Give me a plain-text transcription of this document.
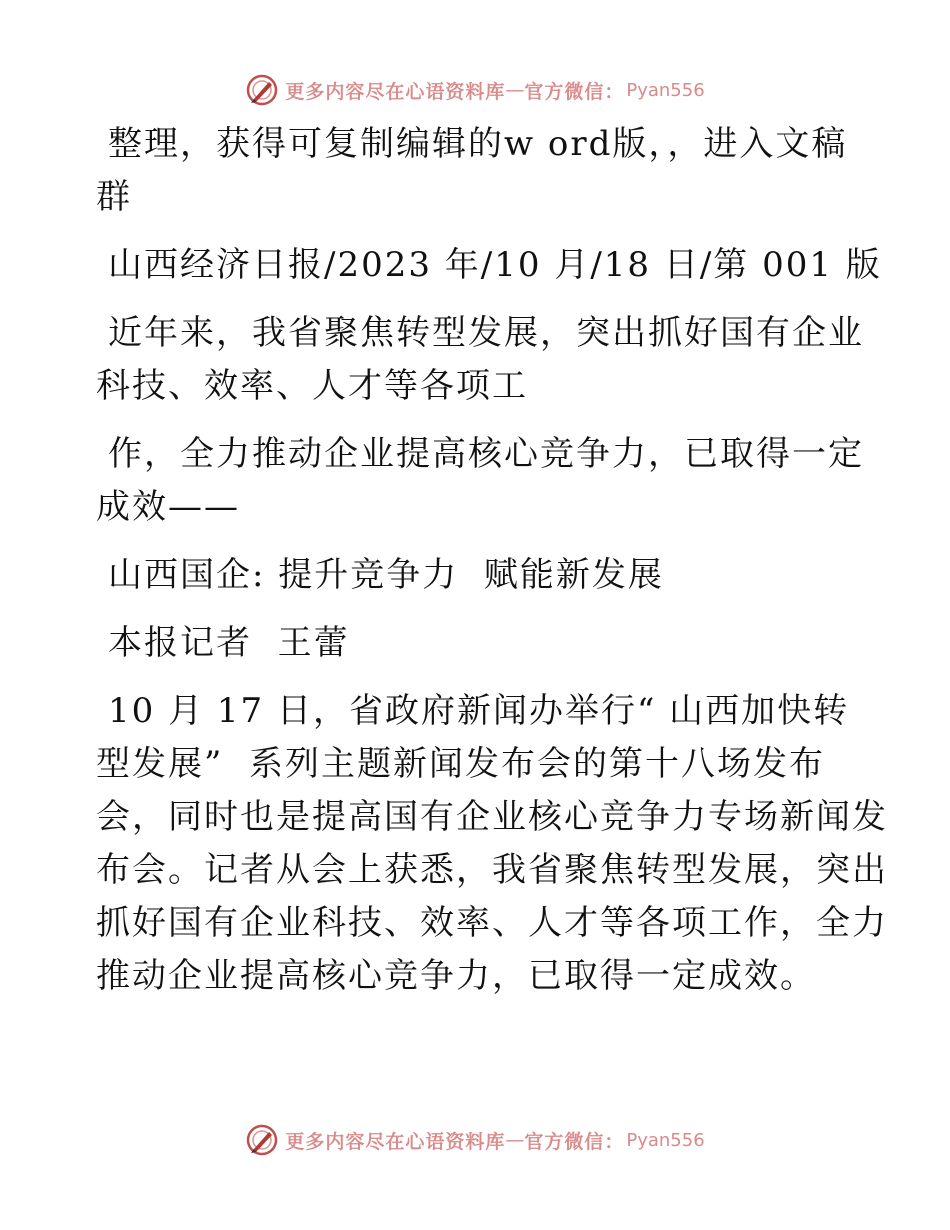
更多内容尽在心语资料库 — 官方微信： Pyan556
整理，获得可复制编辑的w ord版，，进入文稿
群
山西经济日报/2023 年/10 月/18 日/第 001 版
近年来，我省聚焦转型发展，突出抓好国有企业
科技、效率、人才等各项工
作，全力推动企业提高核心竞争力，已取得一定
成效——
山西国企: 提升竞争力  赋能新发展
本报记者  王蕾
10 月 17 日，省政府新闻办举行“ 山西加快转
型发展”  系列主题新闻发布会的第十八场发布
会，同时也是提高国有企业核心竞争力专场新闻发
布会。记者从会上获悉，我省聚焦转型发展，突出
抓好国有企业科技、效率、人才等各项工作，全力
推动企业提高核心竞争力，已取得一定成效。
更多内容尽在心语资料库 — 官方微信： Pyan556
